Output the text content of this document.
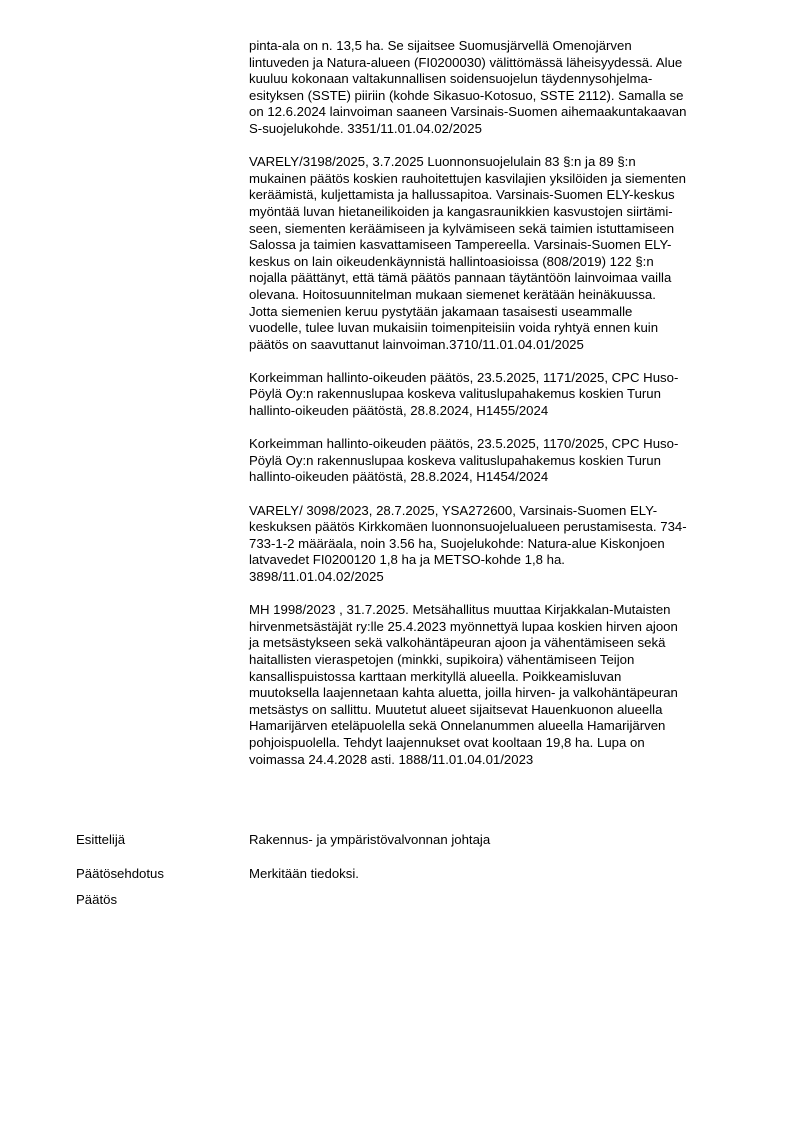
pinta-ala on n. 13,5 ha. Se sijaitsee Suomusjärvellä Omenojärven
lintuveden ja Natura-alueen (FI0200030) välittömässä läheisyydessä. Alue
kuuluu kokonaan valtakunnallisen soidensuojelun täydennysohjelma-
esityksen (SSTE) piiriin (kohde Sikasuo-Kotosuo, SSTE 2112). Samalla se
on 12.6.2024 lainvoiman saaneen Varsinais-Suomen aihemaakuntakaavan
S-suojelukohde. 3351/11.01.04.02/2025

VARELY/3198/2025, 3.7.2025 Luonnonsuojelulain 83 §:n ja 89 §:n
mukainen päätös koskien rauhoitettujen kasvilajien yksilöiden ja siementen
keräämistä, kuljettamista ja hallussapitoa. Varsinais-Suomen ELY-keskus
myöntää luvan hietaneilikoiden ja kangasraunikkien kasvustojen siirtämi-
seen, siementen keräämiseen ja kylvämiseen sekä taimien istuttamiseen
Salossa ja taimien kasvattamiseen Tampereella. Varsinais-Suomen ELY-
keskus on lain oikeudenkäynnistä hallintoasioissa (808/2019) 122 §:n
nojalla päättänyt, että tämä päätös pannaan täytäntöön lainvoimaa vailla
olevana. Hoitosuunnitelman mukaan siemenet kerätään heinäkuussa.
Jotta siemenien keruu pystytään jakamaan tasaisesti useammalle
vuodelle, tulee luvan mukaisiin toimenpiteisiin voida ryhtyä ennen kuin
päätös on saavuttanut lainvoiman.3710/11.01.04.01/2025

Korkeimman hallinto-oikeuden päätös, 23.5.2025, 1171/2025, CPC Huso-
Pöylä Oy:n rakennuslupaa koskeva valituslupahakemus koskien Turun
hallinto-oikeuden päätöstä, 28.8.2024, H1455/2024

Korkeimman hallinto-oikeuden päätös, 23.5.2025, 1170/2025, CPC Huso-
Pöylä Oy:n rakennuslupaa koskeva valituslupahakemus koskien Turun
hallinto-oikeuden päätöstä, 28.8.2024, H1454/2024

VARELY/ 3098/2023, 28.7.2025, YSA272600, Varsinais-Suomen ELY-
keskuksen päätös Kirkkomäen luonnonsuojelualueen perustamisesta. 734-
733-1-2 määräala, noin 3.56 ha, Suojelukohde: Natura-alue Kiskonjoen
latvavedet FI0200120 1,8 ha ja METSO-kohde 1,8 ha.
3898/11.01.04.02/2025

MH 1998/2023 , 31.7.2025. Metsähallitus muuttaa Kirjakkalan-Mutaisten
hirvenmetsästäjät ry:lle 25.4.2023 myönnettyä lupaa koskien hirven ajoon
ja metsästykseen sekä valkohäntäpeuran ajoon ja vähentämiseen sekä
haitallisten vieraspetojen (minkki, supikoira) vähentämiseen Teijon
kansallispuistossa karttaan merkityllä alueella. Poikkeamisluvan
muutoksella laajennetaan kahta aluetta, joilla hirven- ja valkohäntäpeuran
metsästys on sallittu. Muutetut alueet sijaitsevat Hauenkuonon alueella
Hamarijärven eteläpuolella sekä Onnelanummen alueella Hamarijärven
pohjoispuolella. Tehdyt laajennukset ovat kooltaan 19,8 ha. Lupa on
voimassa 24.4.2028 asti. 1888/11.01.04.01/2023

Esittelijä	Rakennus- ja ympäristövalvonnan johtaja
Päätösehdotus	Merkitään tiedoksi.
Päätös
